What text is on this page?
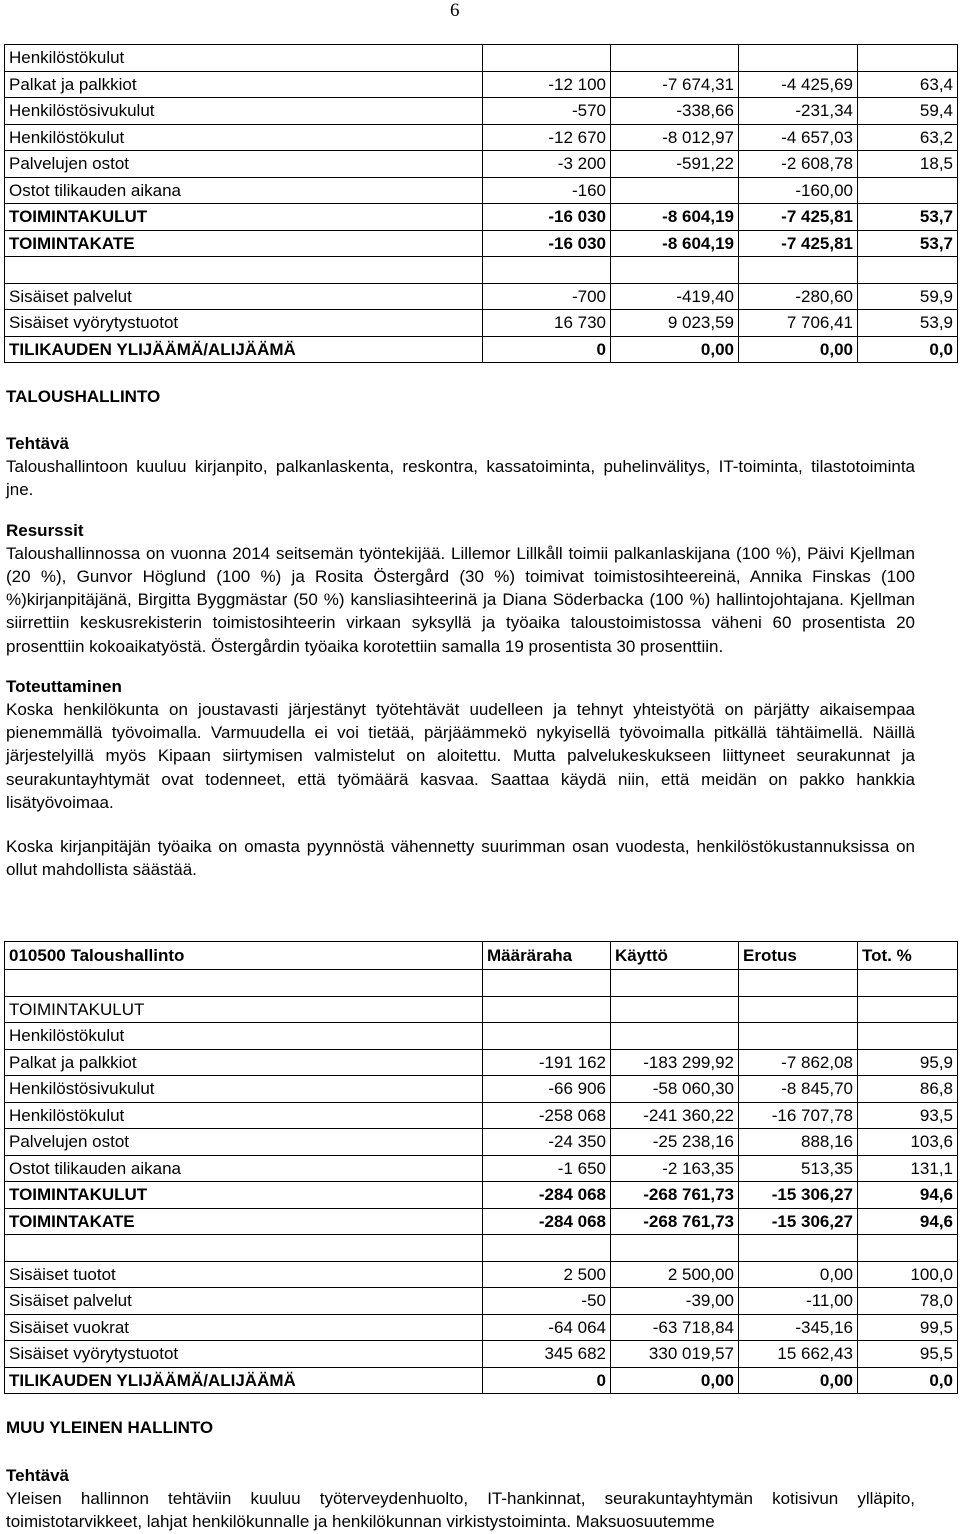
6
Henkilöstökulut				
Palkat ja palkkiot	-12 100	-7 674,31	-4 425,69	63,4
Henkilöstösivukulut	-570	-338,66	-231,34	59,4
Henkilöstökulut	-12 670	-8 012,97	-4 657,03	63,2
Palvelujen ostot	-3 200	-591,22	-2 608,78	18,5
Ostot tilikauden aikana	-160		-160,00	
TOIMINTAKULUT	-16 030	-8 604,19	-7 425,81	53,7
TOIMINTAKATE	-16 030	-8 604,19	-7 425,81	53,7

Sisäiset palvelut	-700	-419,40	-280,60	59,9
Sisäiset vyörytystuotot	16 730	9 023,59	7 706,41	53,9
TILIKAUDEN YLIJÄÄMÄ/ALIJÄÄMÄ	0	0,00	0,00	0,0
TALOUSHALLINTO

Tehtävä

Taloushallintoon kuuluu kirjanpito, palkanlaskenta, reskontra, kassatoiminta, puhelinvälitys, IT-toiminta, tilastotoiminta jne.

Resurssit

Taloushallinnossa on vuonna 2014 seitsemän työntekijää. Lillemor Lillkåll toimii palkanlaskijana (100 %), Päivi Kjellman (20 %), Gunvor Höglund (100 %) ja Rosita Östergård (30 %) toimivat toimistosihteereinä, Annika Finskas (100 %)kirjanpitäjänä, Birgitta Byggmästar (50 %) kansliasihteerinä ja Diana Söderbacka (100 %) hallintojohtajana. Kjellman siirrettiin keskusrekisterin toimistosihteerin virkaan syksyllä ja työaika taloustoimistossa väheni 60 prosentista 20 prosenttiin kokoaikatyöstä. Östergårdin työaika korotettiin samalla 19 prosentista 30 prosenttiin.

Toteuttaminen

Koska henkilökunta on joustavasti järjestänyt työtehtävät uudelleen ja tehnyt yhteistyötä on pärjätty aikaisempaa pienemmällä työvoimalla. Varmuudella ei voi tietää, pärjäämmekö nykyisellä työvoimalla pitkällä tähtäimellä. Näillä järjestelyillä myös Kipaan siirtymisen valmistelut on aloitettu. Mutta palvelukeskukseen liittyneet seurakunnat ja seurakuntayhtymät ovat todenneet, että työmäärä kasvaa. Saattaa käydä niin, että meidän on pakko hankkia lisätyövoimaa.

Koska kirjanpitäjän työaika on omasta pyynnöstä vähennetty suurimman osan vuodesta, henkilöstökustannuksissa on ollut mahdollista säästää.

010500 Taloushallinto	Määräraha	Käyttö	Erotus	Tot. %

TOIMINTAKULUT				
Henkilöstökulut				
Palkat ja palkkiot	-191 162	-183 299,92	-7 862,08	95,9
Henkilöstösivukulut	-66 906	-58 060,30	-8 845,70	86,8
Henkilöstökulut	-258 068	-241 360,22	-16 707,78	93,5
Palvelujen ostot	-24 350	-25 238,16	888,16	103,6
Ostot tilikauden aikana	-1 650	-2 163,35	513,35	131,1
TOIMINTAKULUT	-284 068	-268 761,73	-15 306,27	94,6
TOIMINTAKATE	-284 068	-268 761,73	-15 306,27	94,6

Sisäiset tuotot	2 500	2 500,00	0,00	100,0
Sisäiset palvelut	-50	-39,00	-11,00	78,0
Sisäiset vuokrat	-64 064	-63 718,84	-345,16	99,5
Sisäiset vyörytystuotot	345 682	330 019,57	15 662,43	95,5
TILIKAUDEN YLIJÄÄMÄ/ALIJÄÄMÄ	0	0,00	0,00	0,0
MUU YLEINEN HALLINTO

Tehtävä

Yleisen hallinnon tehtäviin kuuluu työterveydenhuolto, IT-hankinnat, seurakuntayhtymän kotisivun ylläpito, toimistotarvikkeet, lahjat henkilökunnalle ja henkilökunnan virkistystoiminta. Maksuosuutemme
